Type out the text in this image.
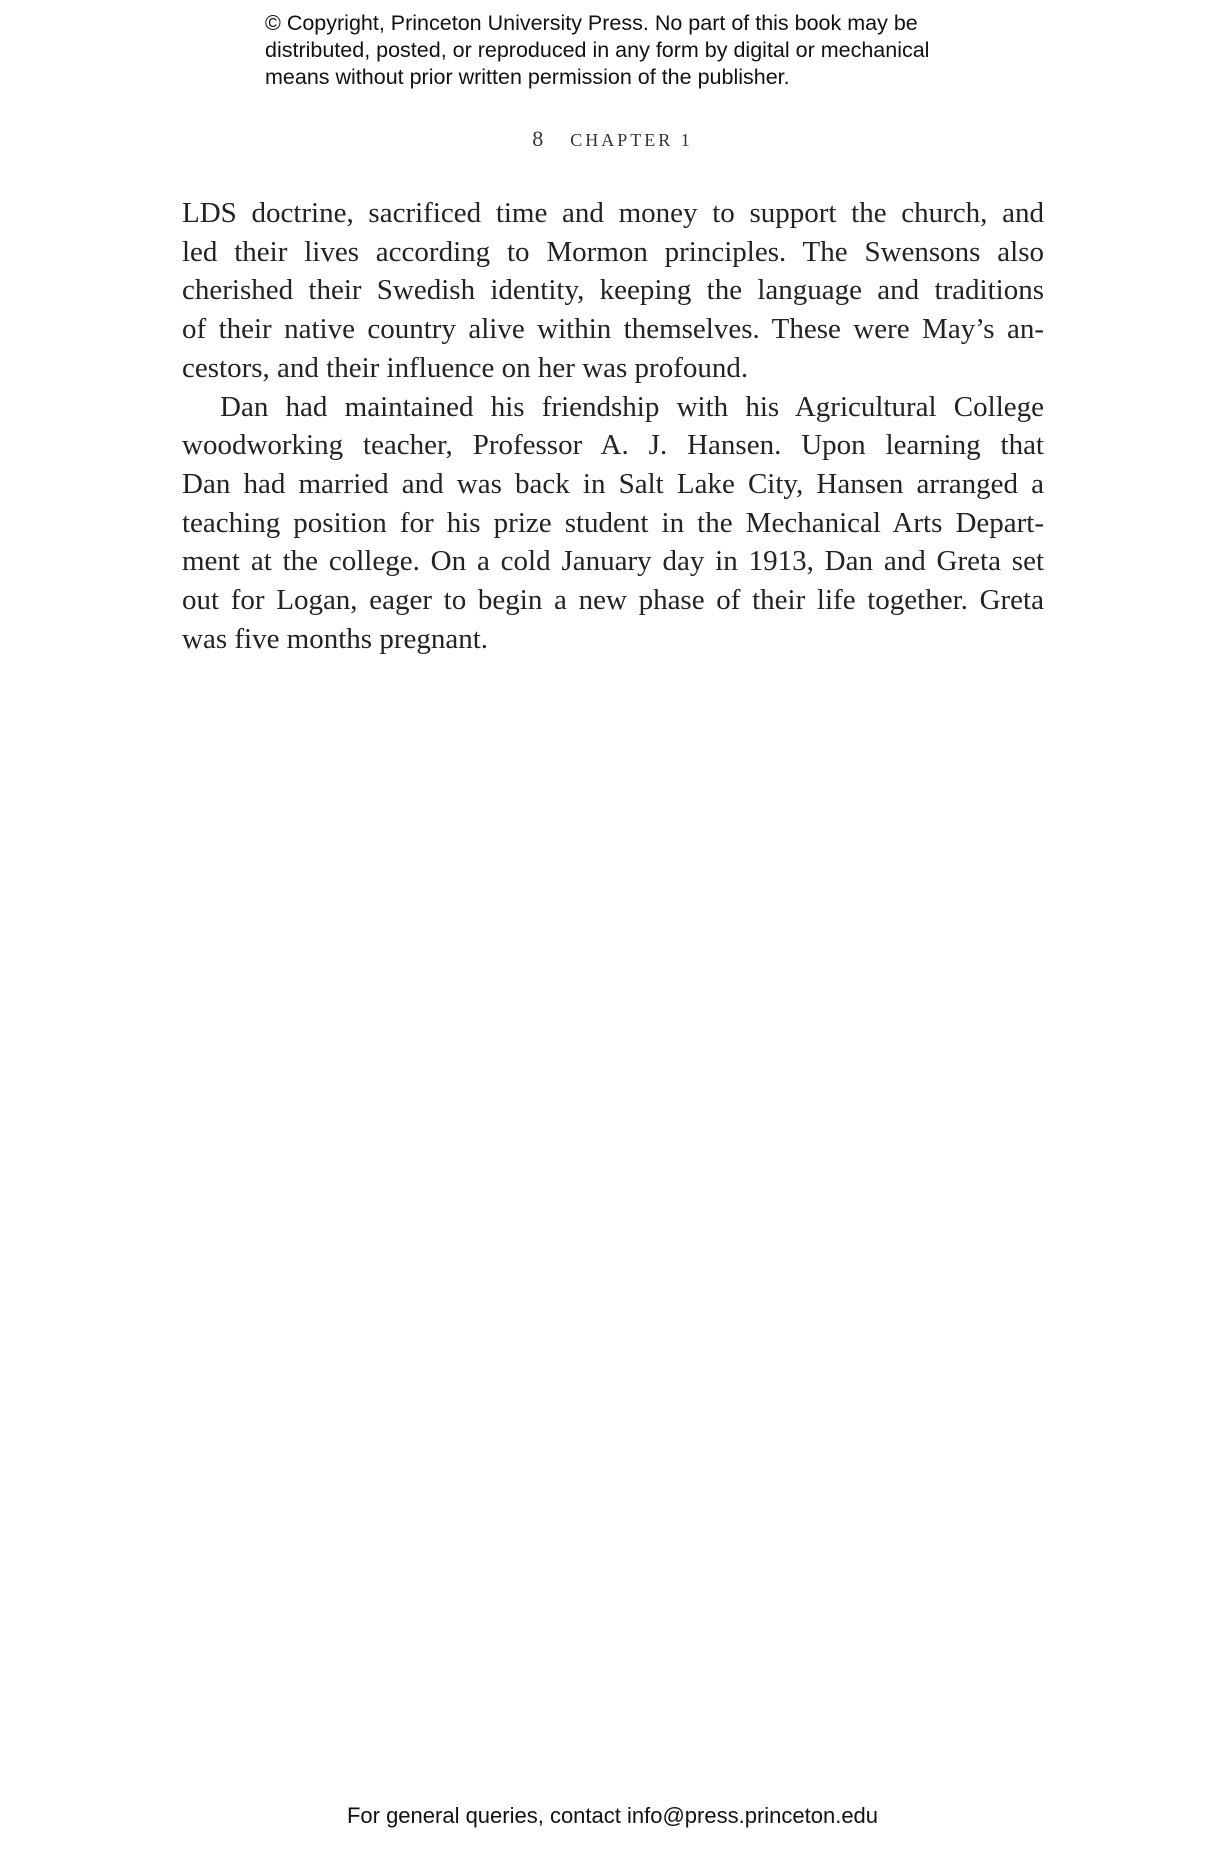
© Copyright, Princeton University Press. No part of this book may be
distributed, posted, or reproduced in any form by digital or mechanical
means without prior written permission of the publisher.
8 CHAPTER 1
LDS doctrine, sacrificed time and money to support the church, and
led their lives according to Mormon principles. The Swensons also
cherished their Swedish identity, keeping the language and traditions
of their native country alive within themselves. These were May’s an-
cestors, and their influence on her was profound.
Dan had maintained his friendship with his Agricultural College
woodworking teacher, Professor A. J. Hansen. Upon learning that
Dan had married and was back in Salt Lake City, Hansen arranged a
teaching position for his prize student in the Mechanical Arts Depart-
ment at the college. On a cold January day in 1913, Dan and Greta set
out for Logan, eager to begin a new phase of their life together. Greta
was five months pregnant.
For general queries, contact info@press.princeton.edu
